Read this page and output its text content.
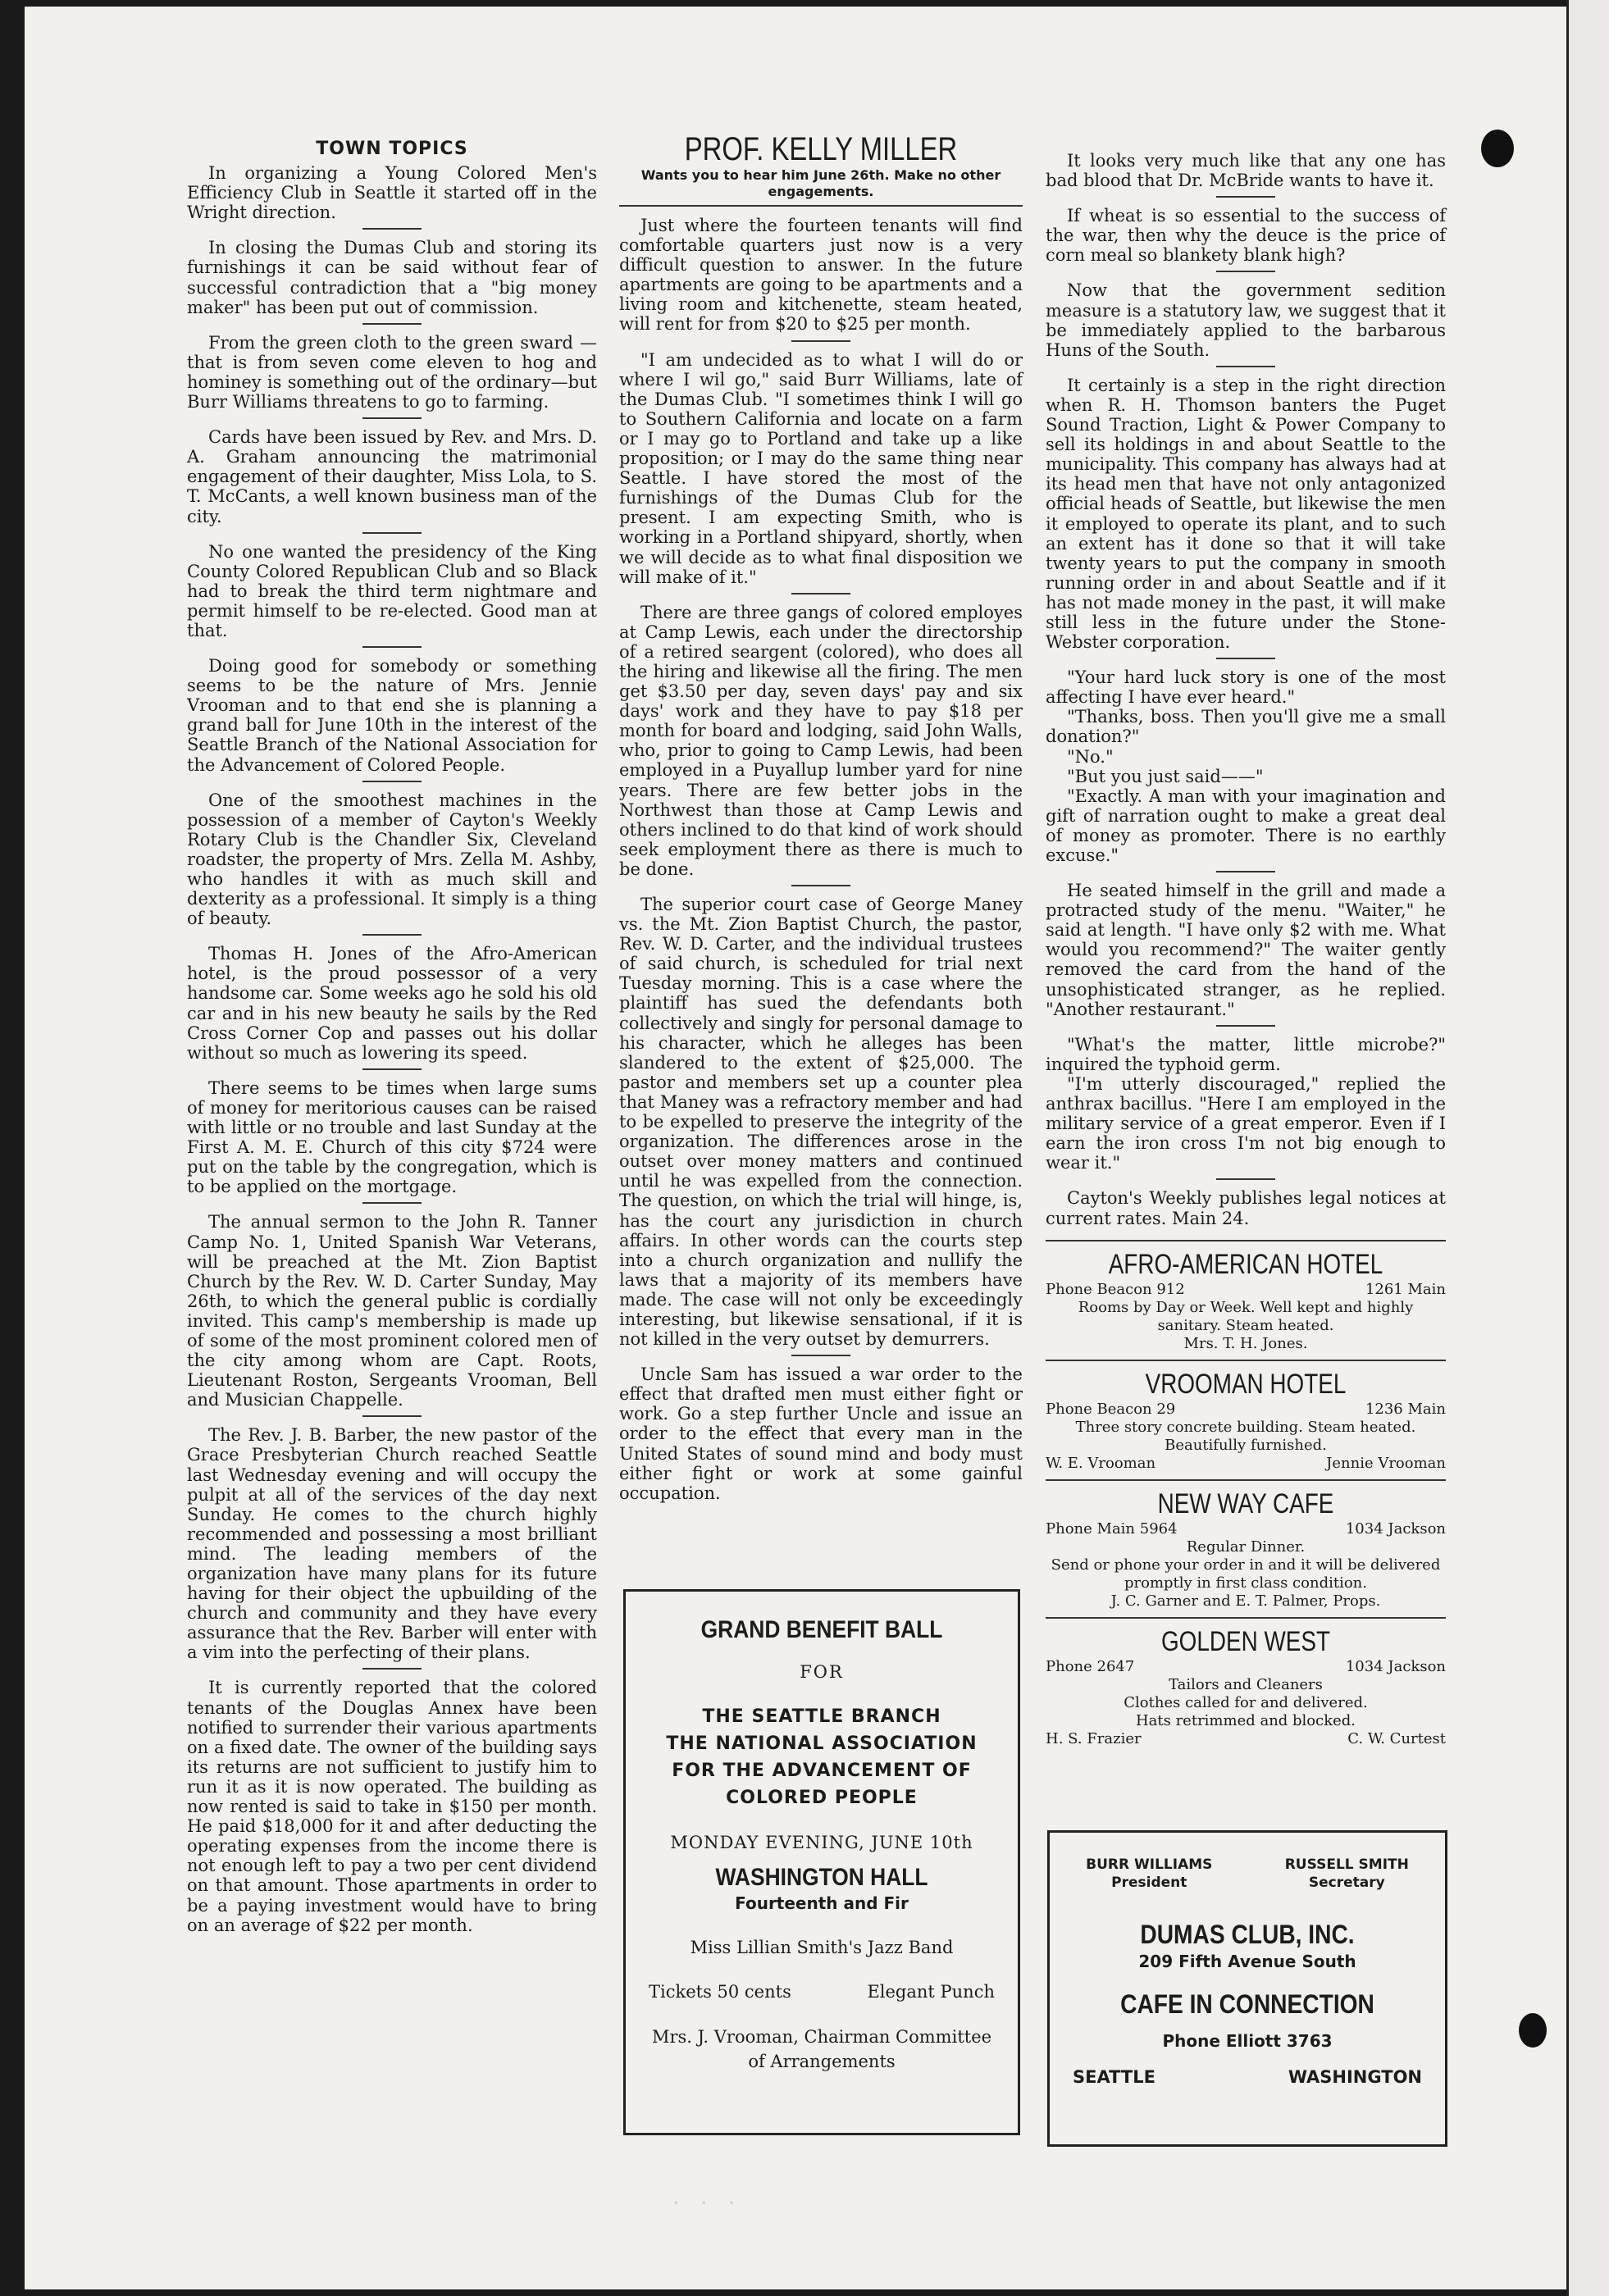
TOWN TOPICS

In organizing a Young Colored Men's Efficiency Club in Seattle it started off in the Wright direction.

In closing the Dumas Club and storing its furnishings it can be said without fear of successful contradiction that a "big money maker" has been put out of commission.

From the green cloth to the green sward —that is from seven come eleven to hog and hominey is something out of the ordinary—but Burr Williams threatens to go to farming.

Cards have been issued by Rev. and Mrs. D. A. Graham announcing the matrimonial engagement of their daughter, Miss Lola, to S. T. McCants, a well known business man of the city.

No one wanted the presidency of the King County Colored Republican Club and so Black had to break the third term nightmare and permit himself to be re-elected. Good man at that.

Doing good for somebody or something seems to be the nature of Mrs. Jennie Vrooman and to that end she is planning a grand ball for June 10th in the interest of the Seattle Branch of the National Association for the Advancement of Colored People.

One of the smoothest machines in the possession of a member of Cayton's Weekly Rotary Club is the Chandler Six, Cleveland roadster, the property of Mrs. Zella M. Ashby, who handles it with as much skill and dexterity as a professional. It simply is a thing of beauty.

Thomas H. Jones of the Afro-American hotel, is the proud possessor of a very handsome car. Some weeks ago he sold his old car and in his new beauty he sails by the Red Cross Corner Cop and passes out his dollar without so much as lowering its speed.

There seems to be times when large sums of money for meritorious causes can be raised with little or no trouble and last Sunday at the First A. M. E. Church of this city $724 were put on the table by the congregation, which is to be applied on the mortgage.

The annual sermon to the John R. Tanner Camp No. 1, United Spanish War Veterans, will be preached at the Mt. Zion Baptist Church by the Rev. W. D. Carter Sunday, May 26th, to which the general public is cordially invited. This camp's membership is made up of some of the most prominent colored men of the city among whom are Capt. Roots, Lieutenant Roston, Sergeants Vrooman, Bell and Musician Chappelle.

The Rev. J. B. Barber, the new pastor of the Grace Presbyterian Church reached Seattle last Wednesday evening and will occupy the pulpit at all of the services of the day next Sunday. He comes to the church highly recommended and possessing a most brilliant mind. The leading members of the organization have many plans for its future having for their object the upbuilding of the church and community and they have every assurance that the Rev. Barber will enter with a vim into the perfecting of their plans.

It is currently reported that the colored tenants of the Douglas Annex have been notified to surrender their various apartments on a fixed date. The owner of the building says its returns are not sufficient to justify him to run it as it is now operated. The building as now rented is said to take in $150 per month. He paid $18,000 for it and after deducting the operating expenses from the income there is not enough left to pay a two per cent dividend on that amount. Those apartments in order to be a paying investment would have to bring on an average of $22 per month.

PROF. KELLY MILLER
Wants you to hear him June 26th. Make no other engagements.

Just where the fourteen tenants will find comfortable quarters just now is a very difficult question to answer. In the future apartments are going to be apartments and a living room and kitchenette, steam heated, will rent for from $20 to $25 per month.

"I am undecided as to what I will do or where I wil go," said Burr Williams, late of the Dumas Club. "I sometimes think I will go to Southern California and locate on a farm or I may go to Portland and take up a like proposition; or I may do the same thing near Seattle. I have stored the most of the furnishings of the Dumas Club for the present. I am expecting Smith, who is working in a Portland shipyard, shortly, when we will decide as to what final disposition we will make of it."

There are three gangs of colored employes at Camp Lewis, each under the directorship of a retired seargent (colored), who does all the hiring and likewise all the firing. The men get $3.50 per day, seven days' pay and six days' work and they have to pay $18 per month for board and lodging, said John Walls, who, prior to going to Camp Lewis, had been employed in a Puyallup lumber yard for nine years. There are few better jobs in the Northwest than those at Camp Lewis and others inclined to do that kind of work should seek employment there as there is much to be done.

The superior court case of George Maney vs. the Mt. Zion Baptist Church, the pastor, Rev. W. D. Carter, and the individual trustees of said church, is scheduled for trial next Tuesday morning. This is a case where the plaintiff has sued the defendants both collectively and singly for personal damage to his character, which he alleges has been slandered to the extent of $25,000. The pastor and members set up a counter plea that Maney was a refractory member and had to be expelled to preserve the integrity of the organization. The differences arose in the outset over money matters and continued until he was expelled from the connection. The question, on which the trial will hinge, is, has the court any jurisdiction in church affairs. In other words can the courts step into a church organization and nullify the laws that a majority of its members have made. The case will not only be exceedingly interesting, but likewise sensational, if it is not killed in the very outset by demurrers.

Uncle Sam has issued a war order to the effect that drafted men must either fight or work. Go a step further Uncle and issue an order to the effect that every man in the United States of sound mind and body must either fight or work at some gainful occupation.

GRAND BENEFIT BALL
FOR
THE SEATTLE BRANCH
THE NATIONAL ASSOCIATION
FOR THE ADVANCEMENT OF
COLORED PEOPLE
MONDAY EVENING, JUNE 10th
WASHINGTON HALL
Fourteenth and Fir
Miss Lillian Smith's Jazz Band
Tickets 50 cents	Elegant Punch
Mrs. J. Vrooman, Chairman Committee
of Arrangements

It looks very much like that any one has bad blood that Dr. McBride wants to have it.

If wheat is so essential to the success of the war, then why the deuce is the price of corn meal so blankety blank high?

Now that the government sedition measure is a statutory law, we suggest that it be immediately applied to the barbarous Huns of the South.

It certainly is a step in the right direction when R. H. Thomson banters the Puget Sound Traction, Light & Power Company to sell its holdings in and about Seattle to the municipality. This company has always had at its head men that have not only antagonized official heads of Seattle, but likewise the men it employed to operate its plant, and to such an extent has it done so that it will take twenty years to put the company in smooth running order in and about Seattle and if it has not made money in the past, it will make still less in the future under the Stone-Webster corporation.

"Your hard luck story is one of the most affecting I have ever heard."

"Thanks, boss. Then you'll give me a small donation?"

"No."

"But you just said——"

"Exactly. A man with your imagination and gift of narration ought to make a great deal of money as promoter. There is no earthly excuse."

He seated himself in the grill and made a protracted study of the menu. "Waiter," he said at length. "I have only $2 with me. What would you recommend?" The waiter gently removed the card from the hand of the unsophisticated stranger, as he replied. "Another restaurant."

"What's the matter, little microbe?" inquired the typhoid germ.

"I'm utterly discouraged," replied the anthrax bacillus. "Here I am employed in the military service of a great emperor. Even if I earn the iron cross I'm not big enough to wear it."

Cayton's Weekly publishes legal notices at current rates. Main 24.

AFRO-AMERICAN HOTEL
Phone Beacon 912	1261 Main
Rooms by Day or Week. Well kept and highly sanitary. Steam heated.
Mrs. T. H. Jones.
VROOMAN HOTEL
Phone Beacon 29	1236 Main
Three story concrete building. Steam heated.
Beautifully furnished.
W. E. Vrooman	Jennie Vrooman
NEW WAY CAFE
Phone Main 5964	1034 Jackson
Regular Dinner.
Send or phone your order in and it will be delivered promptly in first class condition.
J. C. Garner and E. T. Palmer, Props.
GOLDEN WEST
Phone 2647	1034 Jackson
Tailors and Cleaners
Clothes called for and delivered.
Hats retrimmed and blocked.
H. S. Frazier	C. W. Curtest
BURR WILLIAMS
President
RUSSELL SMITH
Secretary
DUMAS CLUB, INC.
209 Fifth Avenue South
CAFE IN CONNECTION
Phone Elliott 3763
SEATTLE	WASHINGTON
· · ·
